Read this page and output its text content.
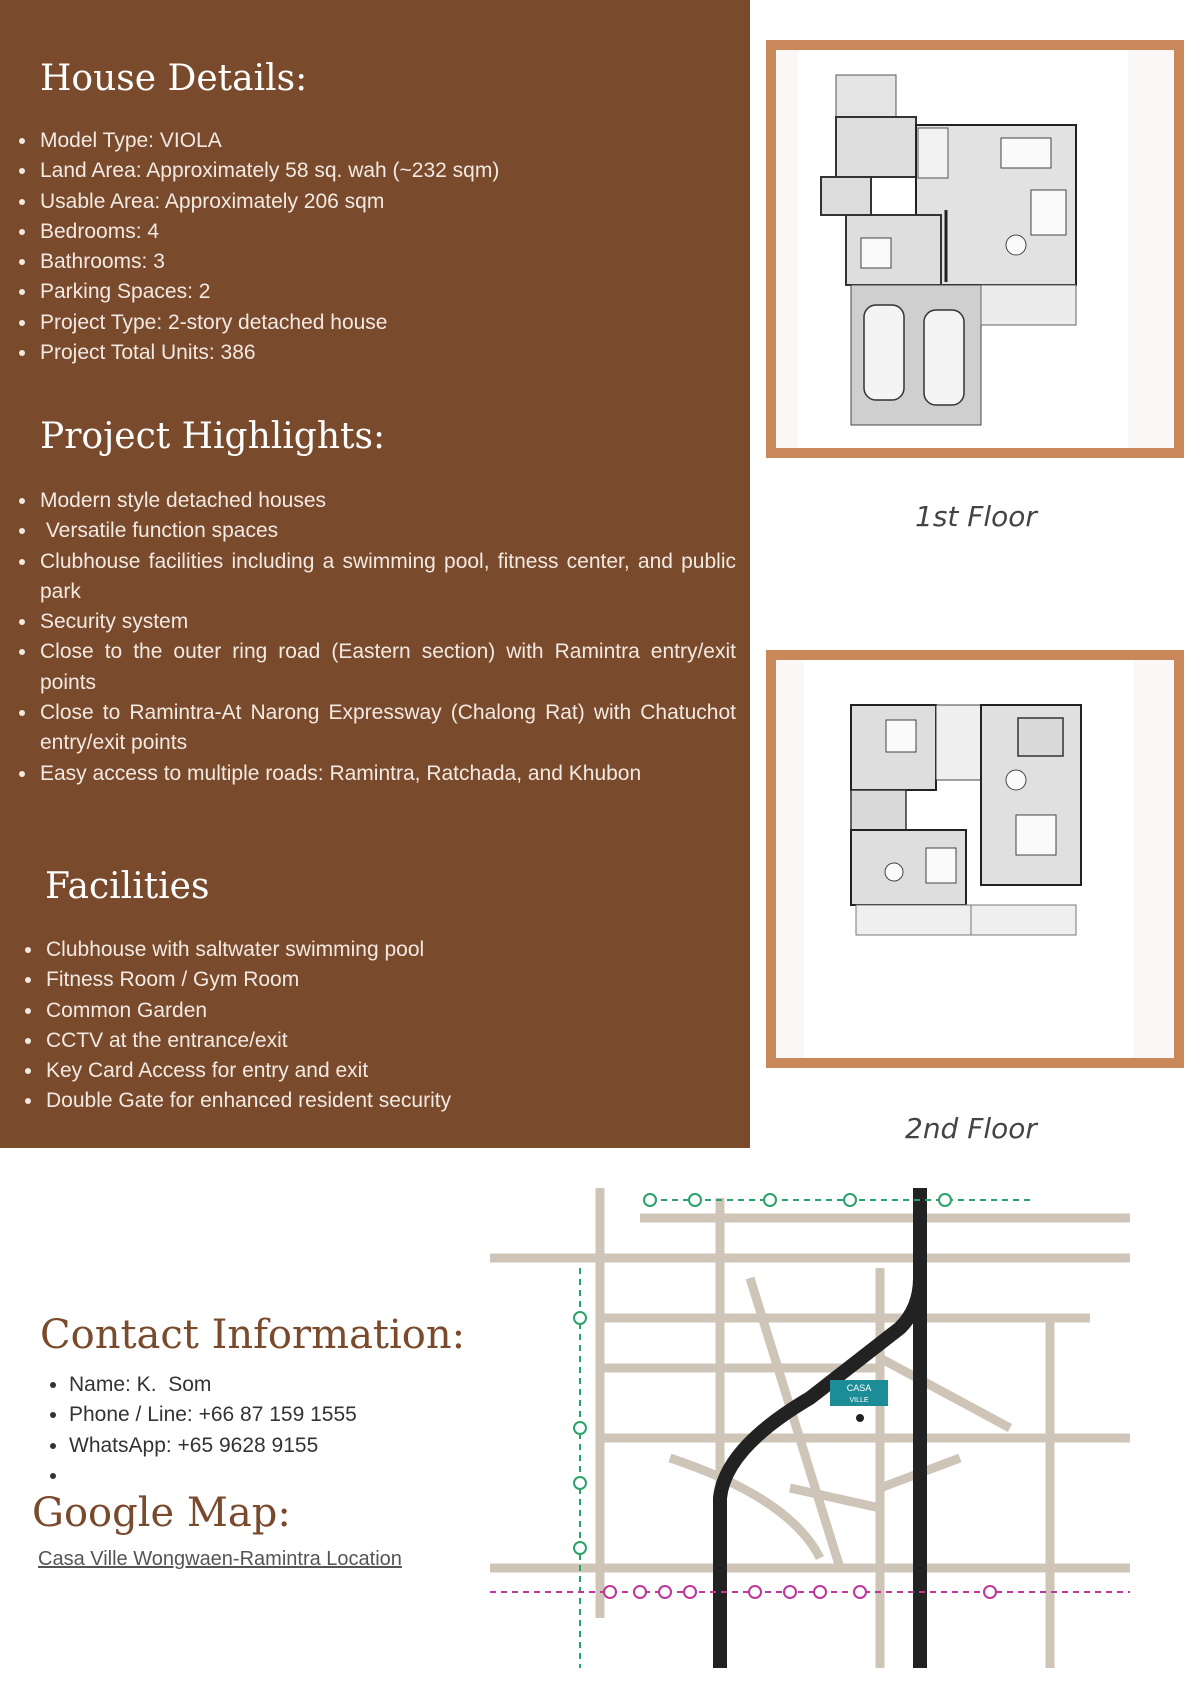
House Details:
• Model Type: VIOLA
• Land Area: Approximately 58 sq. wah (~232 sqm)
• Usable Area: Approximately 206 sqm
• Bedrooms: 4
• Bathrooms: 3
• Parking Spaces: 2
• Project Type: 2-story detached house
• Project Total Units: 386
Project Highlights:
• Modern style detached houses
•  Versatile function spaces
• Clubhouse facilities including a swimming pool, fitness center, and public park
• Security system
• Close to the outer ring road (Eastern section) with Ramintra entry/exit points
• Close to Ramintra-At Narong Expressway (Chalong Rat) with Chatuchot entry/exit points
• Easy access to multiple roads: Ramintra, Ratchada, and Khubon
Facilities
• Clubhouse with saltwater swimming pool
• Fitness Room / Gym Room
• Common Garden
• CCTV at the entrance/exit
• Key Card Access for entry and exit
• Double Gate for enhanced resident security
1st Floor
2nd Floor
Contact Information:
• Name: K.  Som
• Phone / Line: +66 87 159 1555
• WhatsApp: +65 9628 9155
•
Google Map:
Casa Ville Wongwaen-Ramintra Location
CASA
VILLE
